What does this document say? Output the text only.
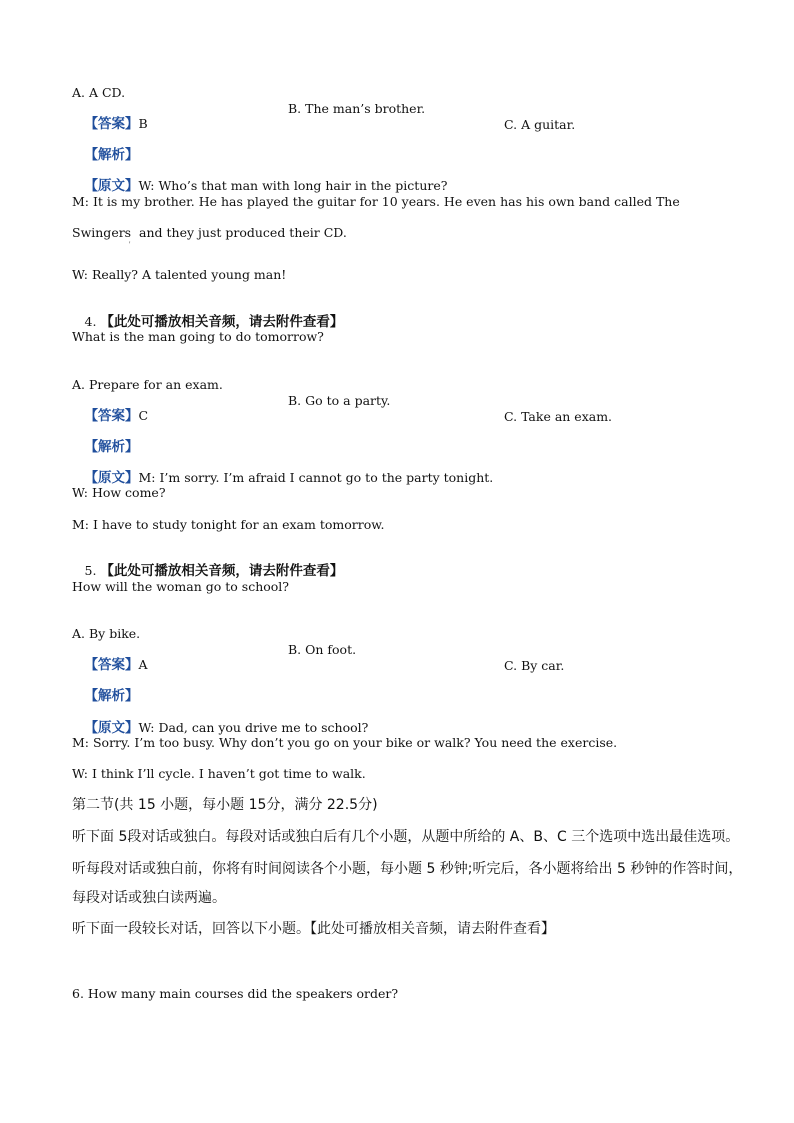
A. A CD.

B. The man’s brother.

C. A guitar.

【答案】B

【解析】

【原文】W: Who’s that man with long hair in the picture?

M: It is my brother. He has played the guitar for 10 years. He even has his own band called The
Swingers  and they just produced their CD.
'
W: Really? A talented young man!

4. 【此处可播放相关音频，请去附件查看】

What is the man going to do tomorrow?

A. Prepare for an exam.

B. Go to a party.

C. Take an exam.

【答案】C

【解析】

【原文】M: I’m sorry. I’m afraid I cannot go to the party tonight.

W: How come?
M: I have to study tonight for an exam tomorrow.

5. 【此处可播放相关音频，请去附件查看】

How will the woman go to school?

A. By bike.

B. On foot.

C. By car.

【答案】A

【解析】

【原文】W: Dad, can you drive me to school?

M: Sorry. I’m too busy. Why don’t you go on your bike or walk? You need the exercise.
W: I think I’ll cycle. I haven’t got time to walk.
第二节(共 15 小题，每小题 15分，满分 22.5分)
听下面 5段对话或独白。每段对话或独白后有几个小题，从题中所给的 A、B、C 三个选项中选出最佳选项。
听每段对话或独白前，你将有时间阅读各个小题，每小题 5 秒钟;听完后，各小题将给出 5 秒钟的作答时间，
每段对话或独白读两遍。
听下面一段较长对话，回答以下小题。【此处可播放相关音频，请去附件查看】
6. How many main courses did the speakers order?
